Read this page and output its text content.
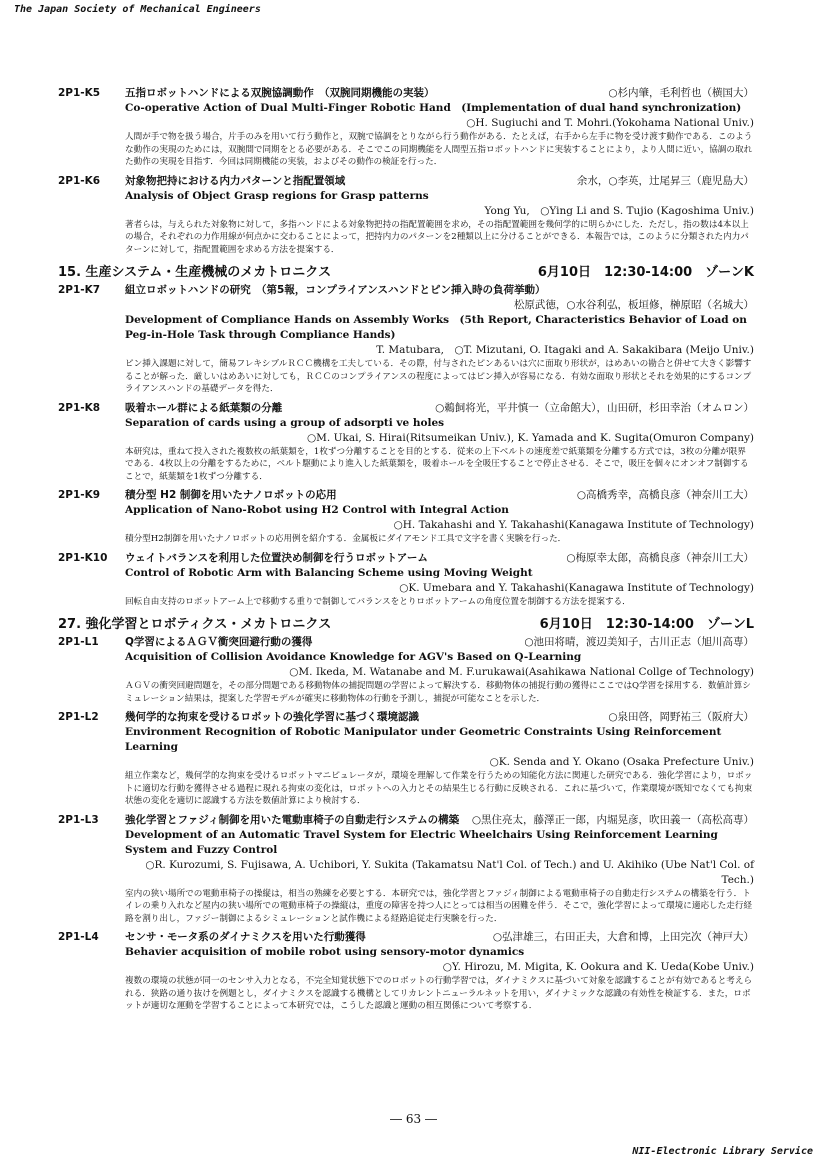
The Japan Society of Mechanical Engineers
2P1-K5	五指ロボットハンドによる双腕協調動作　（双腕同期機能の実装）	○杉内肇，毛利哲也（横国大）
Co-operative Action of Dual Multi-Finger Robotic Hand　(Implementation of dual hand synchronization)
○H. Sugiuchi and T. Mohri.(Yokohama National Univ.)
人間が手で物を扱う場合，片手のみを用いて行う動作と，双腕で協調をとりながら行う動作がある．たとえば，右手から左手に物を受け渡す動作である．このような動作の実現のためには，双腕間で同期をとる必要がある．そこでこの同期機能を人間型五指ロボットハンドに実装することにより，より人間に近い，協調の取れた動作の実現を目指す．今回は同期機能の実装，およびその動作の検証を行った．
2P1-K6	対象物把持における内力パターンと指配置領域	余水，○李英，辻尾昇三（鹿児島大）
Analysis of Object Grasp regions for Grasp patterns
Yong Yu,　○Ying Li and S. Tujio (Kagoshima Univ.)
著者らは，与えられた対象物に対して，多指ハンドによる対象物把持の指配置範囲を求め，その指配置範囲を幾何学的に明らかにした．ただし，指の数は4本以上の場合，それぞれの力作用線が何点かに交わることによって，把持内力のパターンを2種類以上に分けることができる．本報告では，このように分類された内力パターンに対して，指配置範囲を求める方法を提案する．
15. 生産システム・生産機械のメカトロニクス	6月10日　12:30-14:00　ゾーンK
2P1-K7	組立ロボットハンドの研究　（第5報，コンプライアンスハンドとピン挿入時の負荷挙動）
松原武徳，○水谷利弘，板垣修，榊原昭（名城大）
Development of Compliance Hands on Assembly Works　(5th Report, Characteristics Behavior of Load on Peg-in-Hole Task through Compliance Hands)
T. Matubara,　○T. Mizutani, O. Itagaki and A. Sakakibara (Meijo Univ.)
ピン挿入課題に対して，簡易フレキシブルＲＣＣ機構を工夫している．その際，付与されたピンあるいは穴に面取り形状が，はめあいの勘合と併せて大きく影響することが解った．厳しいはめあいに対しても，ＲＣＣのコンプライアンスの程度によってはピン挿入が容易になる．有効な面取り形状とそれを効果的にするコンプライアンスハンドの基礎データを得た．
2P1-K8	吸着ホール群による紙葉類の分離	○鵜飼将光，平井慎一（立命館大），山田研，杉田幸治（オムロン）
Separation of cards using a group of adsorpti ve holes
○M. Ukai, S. Hirai(Ritsumeikan Univ.), K. Yamada and K. Sugita(Omuron Company)
本研究は，重ねて投入された複数枚の紙葉類を，1枚ずつ分離することを目的とする．従来の上下ベルトの速度差で紙葉類を分離する方式では，3枚の分離が限界である．4枚以上の分離をするために，ベルト駆動により進入した紙葉類を，吸着ホールを全吸圧することで停止させる．そこで，吸圧を個々にオンオフ制御することで，紙葉類を1枚ずつ分離する．
2P1-K9	積分型 H2 制御を用いたナノロボットの応用	○高橋秀幸，高橋良彦（神奈川工大）
Application of Nano-Robot using H2 Control with Integral Action
○H. Takahashi and Y. Takahashi(Kanagawa Institute of Technology)
積分型H2制御を用いたナノロボットの応用例を紹介する．金属板にダイアモンド工具で文字を書く実験を行った．
2P1-K10	ウェイトバランスを利用した位置決め制御を行うロボットアーム	○梅原幸太郎，高橋良彦（神奈川工大）
Control of Robotic Arm with Balancing Scheme using Moving Weight
○K. Umebara and Y. Takahashi(Kanagawa Institute of Technology)
回転自由支持のロボットアーム上で移動する重りで制御してバランスをとりロボットアームの角度位置を制御する方法を提案する．
27. 強化学習とロボティクス・メカトロニクス	6月10日　12:30-14:00　ゾーンL
2P1-L1	Q学習によるＡＧＶ衝突回避行動の獲得	○池田将晴，渡辺美知子，古川正志（旭川高専）
Acquisition of Collision Avoidance Knowledge for AGV's Based on Q-Learning
○M. Ikeda, M. Watanabe and M. F.urukawai(Asahikawa National Collge of Technology)
ＡＧＶの衝突回避問題を，その部分問題である移動物体の捕捉問題の学習によって解決する．移動物体の捕捉行動の獲得にここではQ学習を採用する．数値計算シミュレーション結果は，提案した学習モデルが確実に移動物体の行動を予測し，捕捉が可能なことを示した．
2P1-L2	幾何学的な拘束を受けるロボットの強化学習に基づく環境認識	○泉田啓，岡野祐三（阪府大）
Environment Recognition of Robotic Manipulator under Geometric Constraints Using Reinforcement Learning
○K. Senda and Y. Okano (Osaka Prefecture Univ.)
組立作業など，幾何学的な拘束を受けるロボットマニピュレータが，環境を理解して作業を行うための知能化方法に関連した研究である．強化学習により，ロボットに適切な行動を獲得させる過程に現れる拘束の変化は，ロボットへの入力とその結果生じる行動に反映される．これに基づいて，作業環境が既知でなくても拘束状態の変化を適切に認識する方法を数値計算により検討する．
2P1-L3	強化学習とファジィ制御を用いた電動車椅子の自動走行システムの構築	○黒住亮太，藤澤正一郎，内堀晃彦，吹田義一（高松高専）
Development of an Automatic Travel System for Electric Wheelchairs Using Reinforcement Learning System and Fuzzy Control
○R. Kurozumi, S. Fujisawa, A. Uchibori, Y. Sukita (Takamatsu Nat'l Col. of Tech.) and U. Akihiko (Ube Nat'l Col. of Tech.)
室内の狭い場所での電動車椅子の操縦は，相当の熟練を必要とする．本研究では，強化学習とファジィ制御による電動車椅子の自動走行システムの構築を行う．トイレの乗り入れなど屋内の狭い場所での電動車椅子の操縦は，重度の障害を持つ人にとっては相当の困難を伴う．そこで，強化学習によって環境に適応した走行経路を割り出し，ファジー制御によるシミュレーションと試作機による経路追従走行実験を行った．
2P1-L4	センサ・モータ系のダイナミクスを用いた行動獲得	○弘津雄三，右田正夫，大倉和博，上田完次（神戸大）
Behavier acquisition of mobile robot using sensory-motor dynamics
○Y. Hirozu, M. Migita, K. Ookura and K. Ueda(Kobe Univ.)
複数の環境の状態が同一のセンサ入力となる，不完全知覚状態下でのロボットの行動学習では，ダイナミクスに基づいて対象を認識することが有効であると考えられる．狭路の通り抜けを例題とし，ダイナミクスを認識する機構としてリカレントニューラルネットを用い，ダイナミックな認識の有効性を検証する．また，ロボットが適切な運動を学習することによって本研究では，こうした認識と運動の相互関係について考察する．
― 63 ―
NII-Electronic Library Service
